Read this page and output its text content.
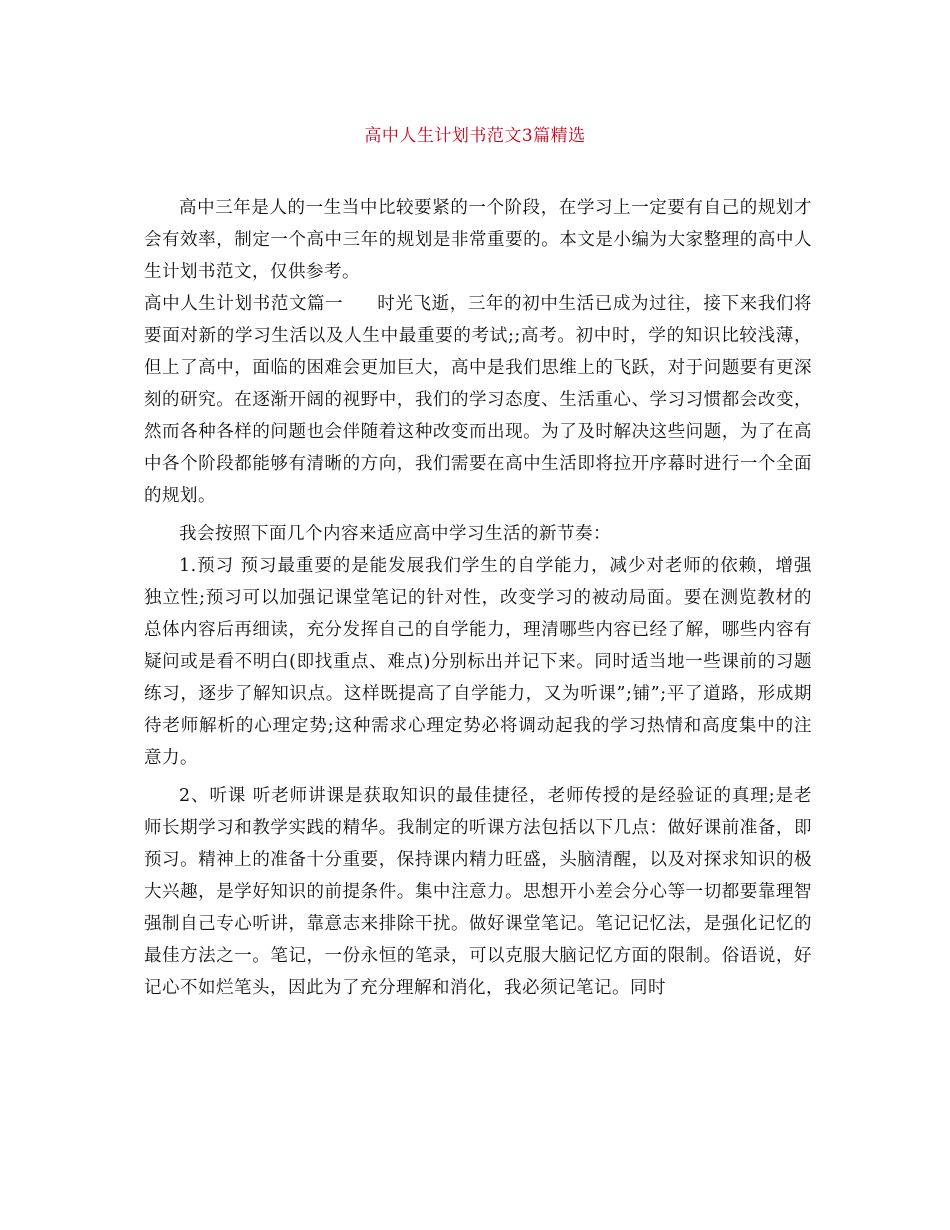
高中人生计划书范文3篇精选

高中三年是人的一生当中比较要紧的一个阶段，在学习上一定要有自己的规划才会有效率，制定一个高中三年的规划是非常重要的。本文是小编为大家整理的高中人生计划书范文，仅供参考。

高中人生计划书范文篇一 时光飞逝，三年的初中生活已成为过往，接下来我们将要面对新的学习生活以及人生中最重要的考试;;高考。初中时，学的知识比较浅薄，但上了高中，面临的困难会更加巨大，高中是我们思维上的飞跃，对于问题要有更深刻的研究。在逐渐开阔的视野中，我们的学习态度、生活重心、学习习惯都会改变，然而各种各样的问题也会伴随着这种改变而出现。为了及时解决这些问题，为了在高中各个阶段都能够有清晰的方向，我们需要在高中生活即将拉开序幕时进行一个全面的规划。

我会按照下面几个内容来适应高中学习生活的新节奏：

1.预习 预习最重要的是能发展我们学生的自学能力，减少对老师的依赖，增强独立性;预习可以加强记课堂笔记的针对性，改变学习的被动局面。要在测览教材的总体内容后再细读，充分发挥自己的自学能力，理清哪些内容已经了解，哪些内容有疑问或是看不明白(即找重点、难点)分别标出并记下来。同时适当地一些课前的习题练习，逐步了解知识点。这样既提高了自学能力，又为听课”;铺”;平了道路，形成期待老师解析的心理定势;这种需求心理定势必将调动起我的学习热情和高度集中的注意力。

2、听课 听老师讲课是获取知识的最佳捷径，老师传授的是经验证的真理;是老师长期学习和教学实践的精华。我制定的听课方法包括以下几点：做好课前准备，即预习。精神上的准备十分重要，保持课内精力旺盛，头脑清醒，以及对探求知识的极大兴趣，是学好知识的前提条件。集中注意力。思想开小差会分心等一切都要靠理智强制自己专心听讲，靠意志来排除干扰。做好课堂笔记。笔记记忆法，是强化记忆的最佳方法之一。笔记，一份永恒的笔录，可以克服大脑记忆方面的限制。俗语说，好记心不如烂笔头，因此为了充分理解和消化，我必须记笔记。同时
